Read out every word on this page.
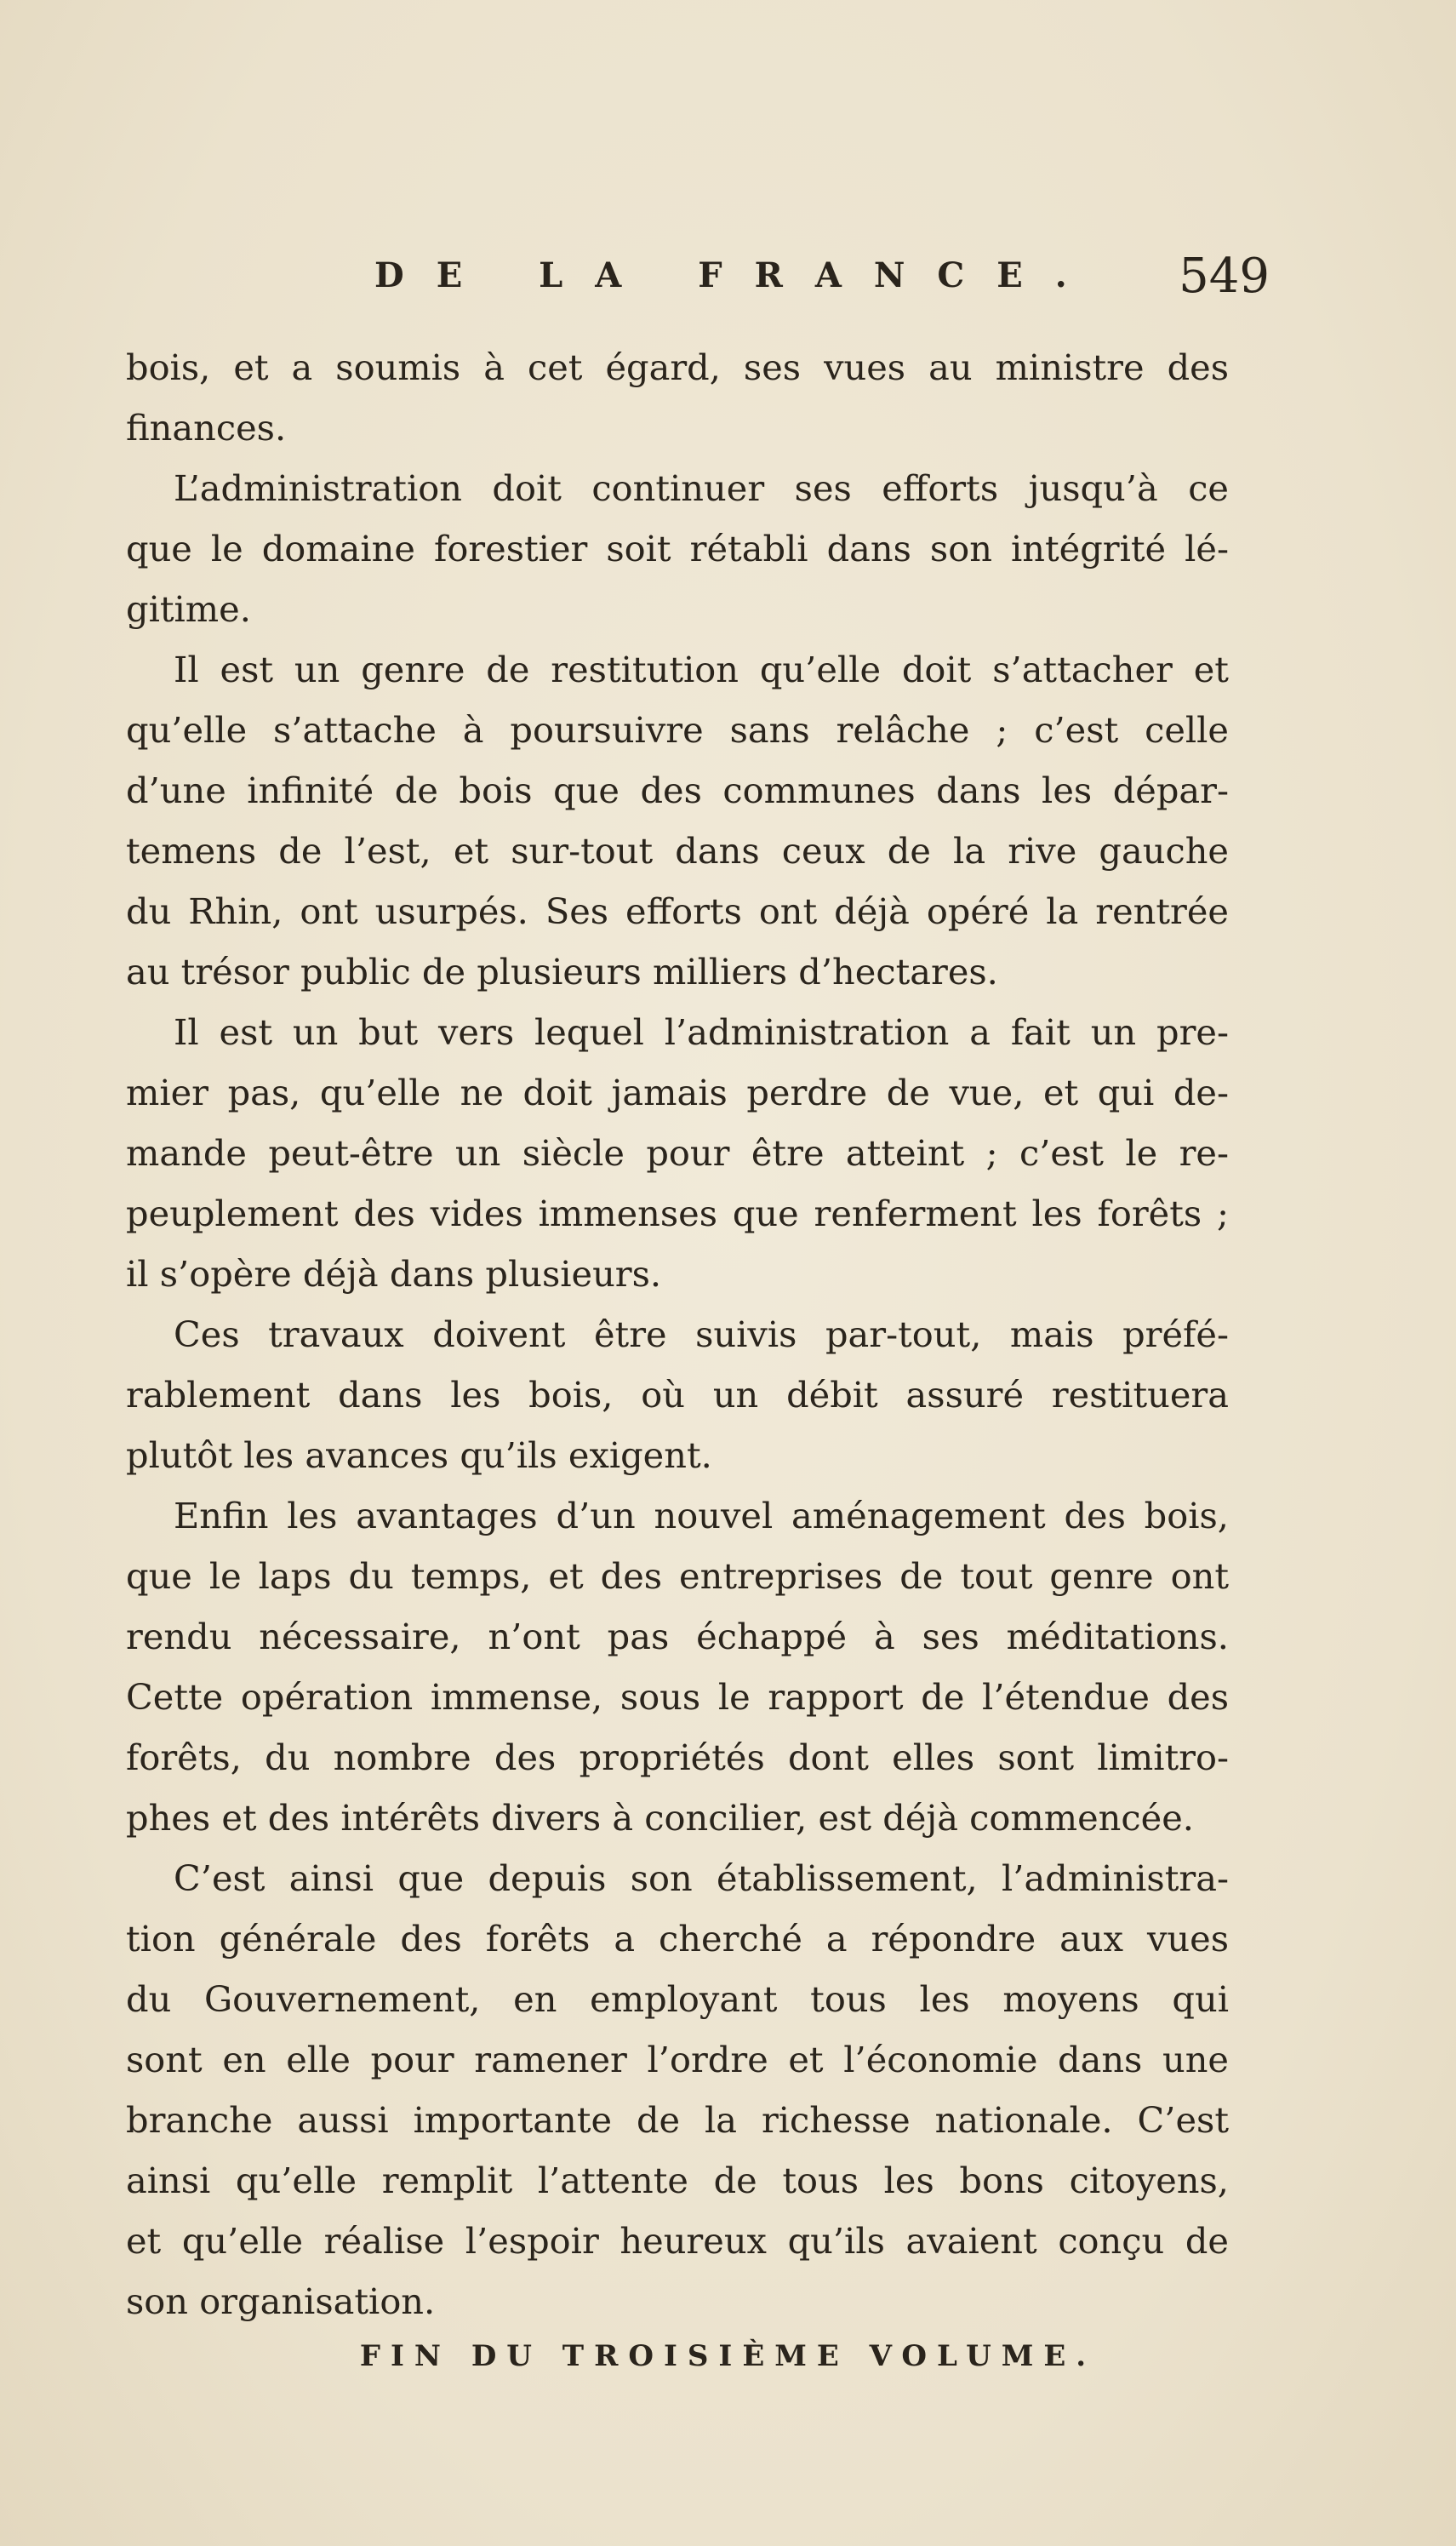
DE LA FRANCE. 549
bois, et a soumis à cet égard, ses vues au ministre des
finances.
L’administration doit continuer ses efforts jusqu’à ce
que le domaine forestier soit rétabli dans son intégrité lé-
gitime.
Il est un genre de restitution qu’elle doit s’attacher et
qu’elle s’attache à poursuivre sans relâche ; c’est celle
d’une infinité de bois que des communes dans les dépar-
temens de l’est, et sur-tout dans ceux de la rive gauche
du Rhin, ont usurpés. Ses efforts ont déjà opéré la rentrée
au trésor public de plusieurs milliers d’hectares.
Il est un but vers lequel l’administration a fait un pre-
mier pas, qu’elle ne doit jamais perdre de vue, et qui de-
mande peut-être un siècle pour être atteint ; c’est le re-
peuplement des vides immenses que renferment les forêts ;
il s’opère déjà dans plusieurs.
Ces travaux doivent être suivis par-tout, mais préfé-
rablement dans les bois, où un débit assuré restituera
plutôt les avances qu’ils exigent.
Enfin les avantages d’un nouvel aménagement des bois,
que le laps du temps, et des entreprises de tout genre ont
rendu nécessaire, n’ont pas échappé à ses méditations.
Cette opération immense, sous le rapport de l’étendue des
forêts, du nombre des propriétés dont elles sont limitro-
phes et des intérêts divers à concilier, est déjà commencée.
C’est ainsi que depuis son établissement, l’administra-
tion générale des forêts a cherché a répondre aux vues
du Gouvernement, en employant tous les moyens qui
sont en elle pour ramener l’ordre et l’économie dans une
branche aussi importante de la richesse nationale. C’est
ainsi qu’elle remplit l’attente de tous les bons citoyens,
et qu’elle réalise l’espoir heureux qu’ils avaient conçu de
son organisation.
FIN DU TROISIÈME VOLUME.
